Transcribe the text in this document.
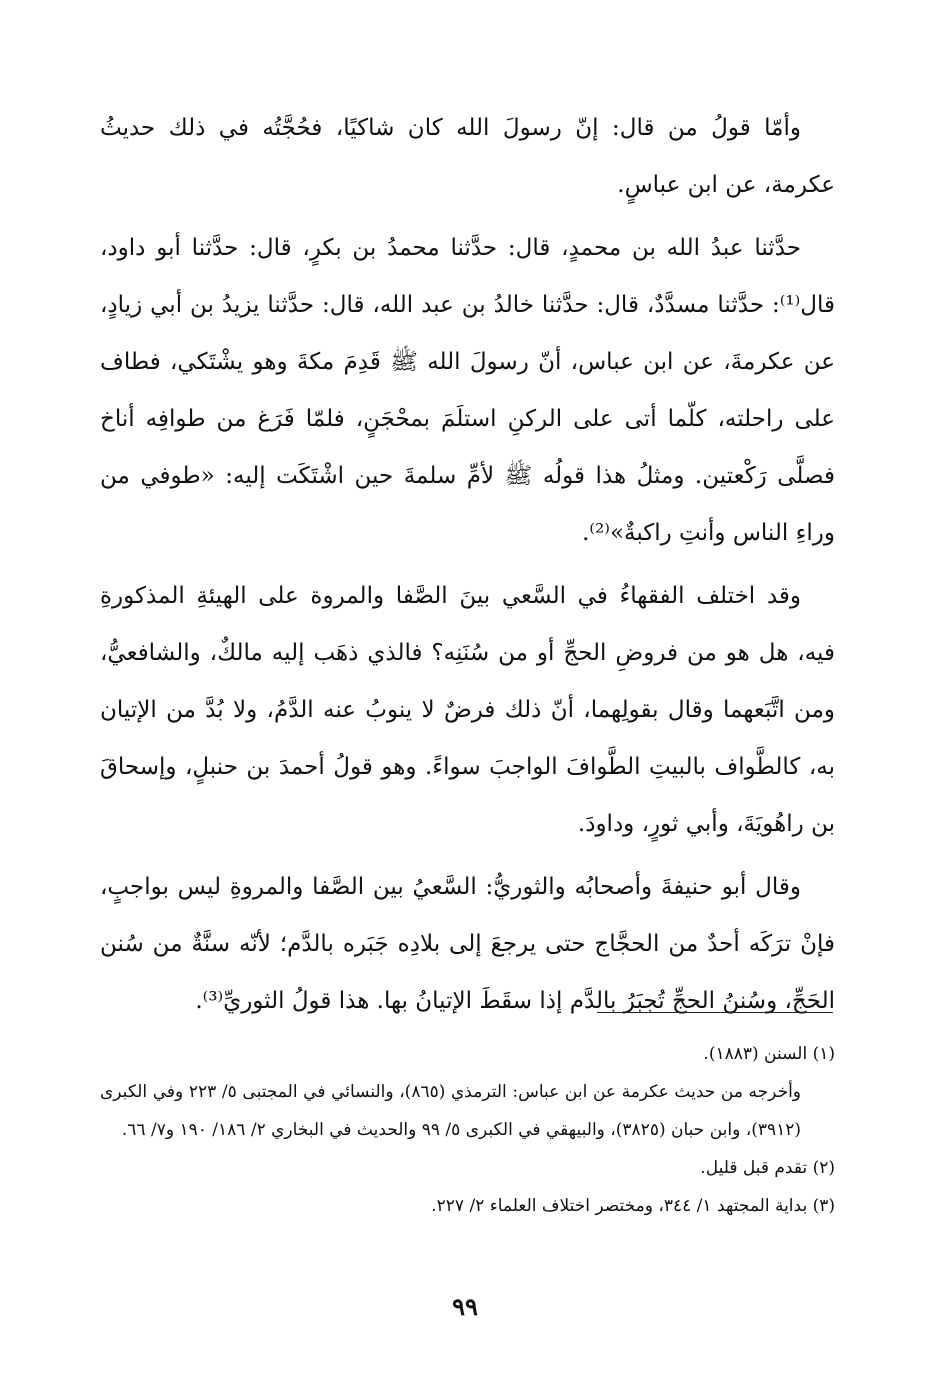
وأمّا قولُ من قال: إنّ رسولَ الله كان شاكيًا، فحُجَّتُه في ذلك حديثُ عكرمة، عن ابن عباسٍ.

حدَّثنا عبدُ الله بن محمدٍ، قال: حدَّثنا محمدُ بن بكرٍ، قال: حدَّثنا أبو داود، قال⁽¹⁾: حدَّثنا مسدَّدٌ، قال: حدَّثنا خالدُ بن عبد الله، قال: حدَّثنا يزيدُ بن أبي زيادٍ، عن عكرمةَ، عن ابن عباس، أنّ رسولَ الله ﷺ قَدِمَ مكةَ وهو يشْتَكي، فطاف على راحلته، كلّما أتى على الركنِ استلَمَ بمحْجَنٍ، فلمّا فَرَغ من طوافِه أناخ فصلَّى رَكْعتين. ومثلُ هذا قولُه ﷺ لأمِّ سلمةَ حين اشْتَكَت إليه: «طوفي من وراءِ الناس وأنتِ راكبةٌ»⁽²⁾.

وقد اختلف الفقهاءُ في السَّعي بينَ الصَّفا والمروة على الهيئةِ المذكورةِ فيه، هل هو من فروضِ الحجِّ أو من سُنَنِه؟ فالذي ذهَب إليه مالكٌ، والشافعيُّ، ومن اتَّبَعهما وقال بقولِهما، أنّ ذلك فرضٌ لا ينوبُ عنه الدَّمُ، ولا بُدَّ من الإتيان به، كالطَّواف بالبيتِ الطَّوافَ الواجبَ سواءً. وهو قولُ أحمدَ بن حنبلٍ، وإسحاقَ بن راهُويَةَ، وأبي ثورٍ، وداودَ.

وقال أبو حنيفةَ وأصحابُه والثوريُّ: السَّعيُ بين الصَّفا والمروةِ ليس بواجبٍ، فإنْ ترَكَه أحدٌ من الحجَّاج حتى يرجعَ إلى بلادِه جَبَره بالدَّم؛ لأنّه سنَّةٌ من سُنن الحَجِّ، وسُننُ الحجِّ تُجبَرُ بالدَّم إذا سقَطَ الإتيانُ بها. هذا قولُ الثوريِّ⁽³⁾.

(١) السنن (١٨٨٣).

وأخرجه من حديث عكرمة عن ابن عباس: الترمذي (٨٦٥)، والنسائي في المجتبى ٥/ ٢٢٣ وفي الكبرى (٣٩١٢)، وابن حبان (٣٨٢٥)، والبيهقي في الكبرى ٥/ ٩٩ والحديث في البخاري ٢/ ١٨٦/ ١٩٠ و٧/ ٦٦.

(٢) تقدم قبل قليل.

(٣) بداية المجتهد ١/ ٣٤٤، ومختصر اختلاف العلماء ٢/ ٢٢٧.

٩٩
